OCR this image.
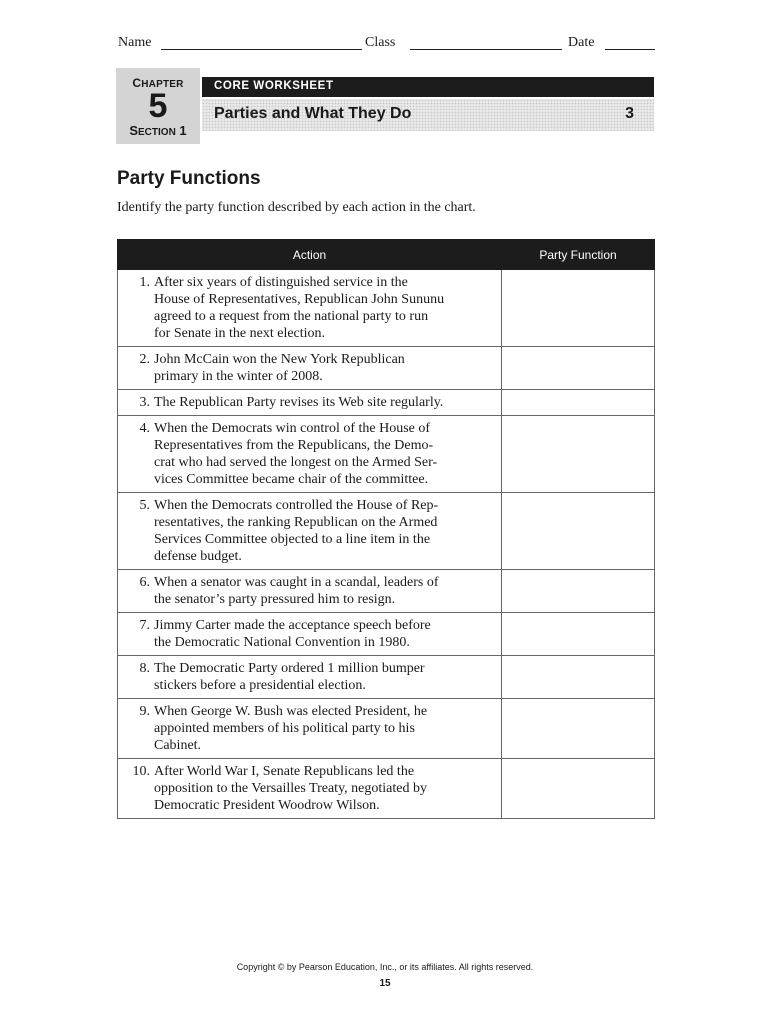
Name	Class	Date
CHAPTER
5
SECTION 1
CORE WORKSHEET
Parties and What They Do	3
Party Functions
Identify the party function described by each action in the chart.
Action	Party Function

1. After six years of distinguished service in the
House of Representatives, Republican John Sununu
agreed to a request from the national party to run
for Senate in the next election.	

2. John McCain won the New York Republican
primary in the winter of 2008.	

3. The Republican Party revises its Web site regularly.	

4. When the Democrats win control of the House of
Representatives from the Republicans, the Demo-
crat who had served the longest on the Armed Ser-
vices Committee became chair of the committee.	

5. When the Democrats controlled the House of Rep-
resentatives, the ranking Republican on the Armed
Services Committee objected to a line item in the
defense budget.	

6. When a senator was caught in a scandal, leaders of
the senator’s party pressured him to resign.	

7. Jimmy Carter made the acceptance speech before
the Democratic National Convention in 1980.	

8. The Democratic Party ordered 1 million bumper
stickers before a presidential election.	

9. When George W. Bush was elected President, he
appointed members of his political party to his
Cabinet.	

10. After World War I, Senate Republicans led the
opposition to the Versailles Treaty, negotiated by
Democratic President Woodrow Wilson.	

Copyright © by Pearson Education, Inc., or its affiliates. All rights reserved.
15
